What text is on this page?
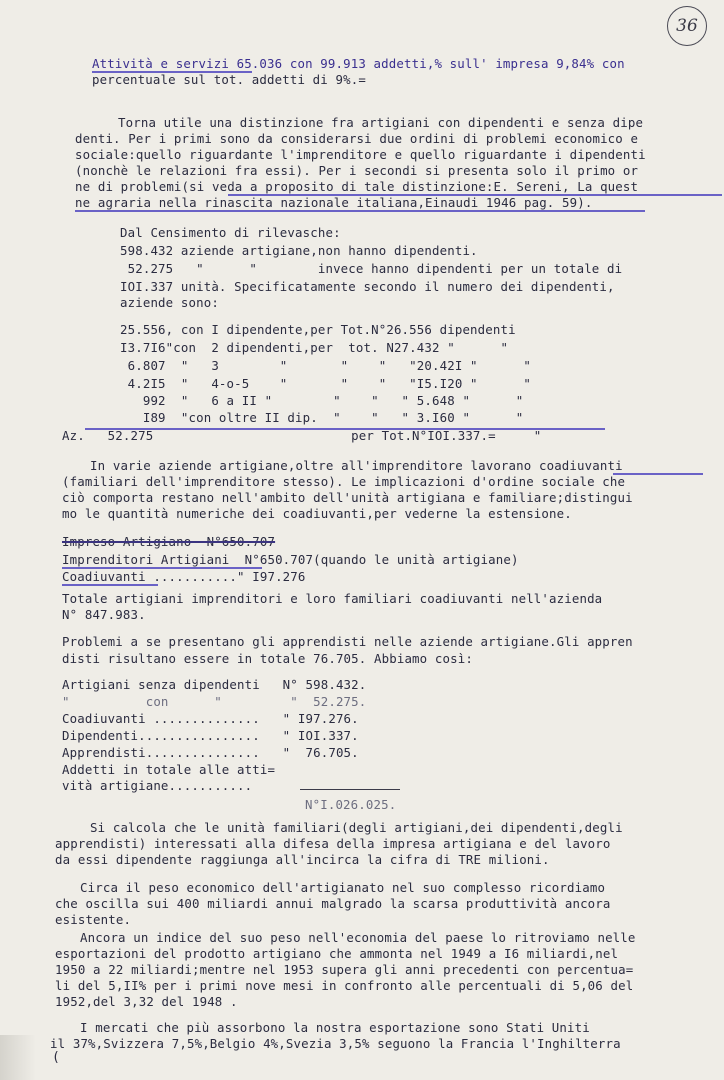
36
Attività e servizi 65.036 con 99.913 addetti,% sull' impresa 9,84% con
percentuale sul tot. addetti di 9%.=
Torna utile una distinzione fra artigiani con dipendenti e senza dipe
denti. Per i primi sono da considerarsi due ordini di problemi economico e
sociale:quello riguardante l'imprenditore e quello riguardante i dipendenti
(nonchè le relazioni fra essi). Per i secondi si presenta solo il primo or
ne di problemi(si veda a proposito di tale distinzione:E. Sereni, La quest
ne agraria nella rinascita nazionale italiana,Einaudi 1946 pag. 59).
Dal Censimento di rilevasche:
598.432 aziende artigiane,non hanno dipendenti.
52.275   "      "        invece hanno dipendenti per un totale di
IOI.337 unità. Specificatamente secondo il numero dei dipendenti,
aziende sono:
25.556, con I dipendente,per Tot.N°26.556 dipendenti
I3.7I6"con  2 dipendenti,per  tot. N27.432 "      "
6.807  "   3        "       "    "   "20.42I "      "
4.2I5  "   4-o-5    "       "    "   "I5.I20 "      "
992  "   6 a II "        "    "   " 5.648 "      "
I89  "con oltre II dip.  "    "   " 3.I60 "      "
Az.   52.275                          per Tot.N°IOI.337.=     "
In varie aziende artigiane,oltre all'imprenditore lavorano coadiuvanti
(familiari dell'imprenditore stesso). Le implicazioni d'ordine sociale che
ciò comporta restano nell'ambito dell'unità artigiana e familiare;distingui
mo le quantità numeriche dei coadiuvanti,per vederne la estensione.
Impreso-Artigiano--N°650.707
Imprenditori Artigiani  N°650.707(quando le unità artigiane)
Coadiuvanti ..........." I97.276
Totale artigiani imprenditori e loro familiari coadiuvanti nell'azienda
N° 847.983.
Problemi a se presentano gli apprendisti nelle aziende artigiane.Gli appren
disti risultano essere in totale 76.705. Abbiamo così:
Artigiani senza dipendenti   N° 598.432.
"          con      "         "  52.275.
Coadiuvanti ..............   " I97.276.
Dipendenti................   " IOI.337.
Apprendisti...............   "  76.705.
Addetti in totale alle atti=
vità artigiane...........
N°I.026.025.
Si calcola che le unità familiari(degli artigiani,dei dipendenti,degli
apprendisti) interessati alla difesa della impresa artigiana e del lavoro
da essi dipendente raggiunga all'incirca la cifra di TRE milioni.
Circa il peso economico dell'artigianato nel suo complesso ricordiamo
che oscilla sui 400 miliardi annui malgrado la scarsa produttività ancora
esistente.
Ancora un indice del suo peso nell'economia del paese lo ritroviamo nelle
esportazioni del prodotto artigiano che ammonta nel 1949 a I6 miliardi,nel
1950 a 22 miliardi;mentre nel 1953 supera gli anni precedenti con percentua=
li del 5,II% per i primi nove mesi in confronto alle percentuali di 5,06 del
1952,del 3,32 del 1948 .
I mercati che più assorbono la nostra esportazione sono Stati Uniti
il 37%,Svizzera 7,5%,Belgio 4%,Svezia 3,5% seguono la Francia l'Inghilterra
(
